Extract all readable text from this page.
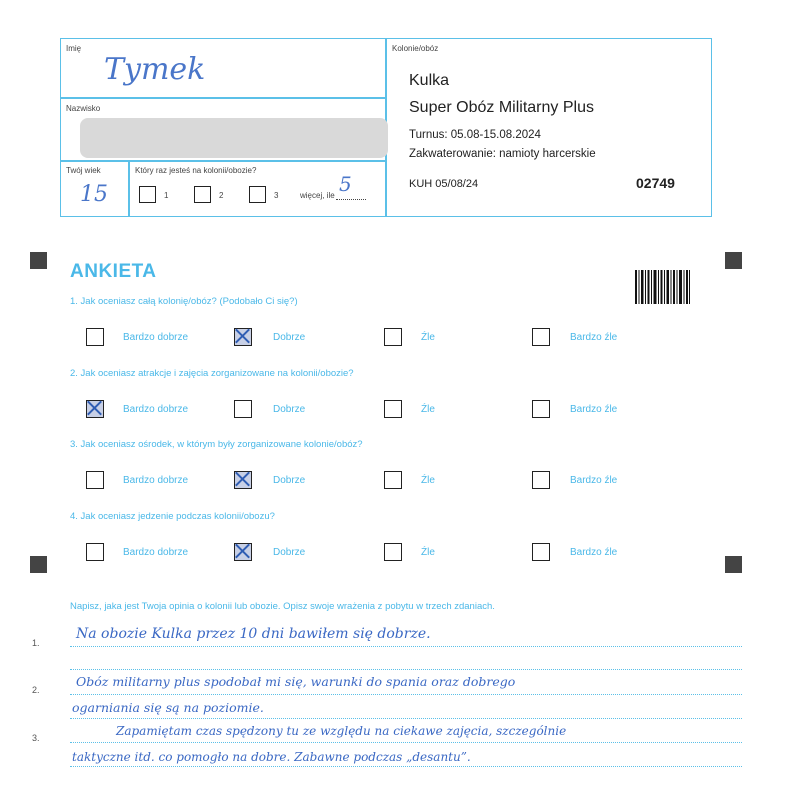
Imię
Tymek
Nazwisko
Twój wiek
15
Który raz jesteś na kolonii/obozie?
1	2	3	więcej, ile 5
Kolonie/obóz
Kulka
Super Obóz Militarny Plus
Turnus: 05.08-15.08.2024
Zakwaterowanie: namioty harcerskie
KUH 05/08/24	02749
ANKIETA
1. Jak oceniasz całą kolonię/obóz? (Podobało Ci się?)
Bardzo dobrze	Dobrze	Źle	Bardzo źle
2. Jak oceniasz atrakcje i zajęcia zorganizowane na kolonii/obozie?
Bardzo dobrze	Dobrze	Źle	Bardzo źle
3. Jak oceniasz ośrodek, w którym były zorganizowane kolonie/obóz?
Bardzo dobrze	Dobrze	Źle	Bardzo źle
4. Jak oceniasz jedzenie podczas kolonii/obozu?
Bardzo dobrze	Dobrze	Źle	Bardzo źle
Napisz, jaka jest Twoja opinia o kolonii lub obozie. Opisz swoje wrażenia z pobytu w trzech zdaniach.
1.
2.
3.
Na obozie Kulka przez 10 dni bawiłem się dobrze.
Obóz militarny plus spodobał mi się, warunki do spania oraz dobrego
ogarniania się są na poziomie.
Zapamiętam czas spędzony tu ze względu na ciekawe zajęcia, szczególnie
taktyczne itd. co pomogło na dobre. Zabawne podczas „desantu”.
